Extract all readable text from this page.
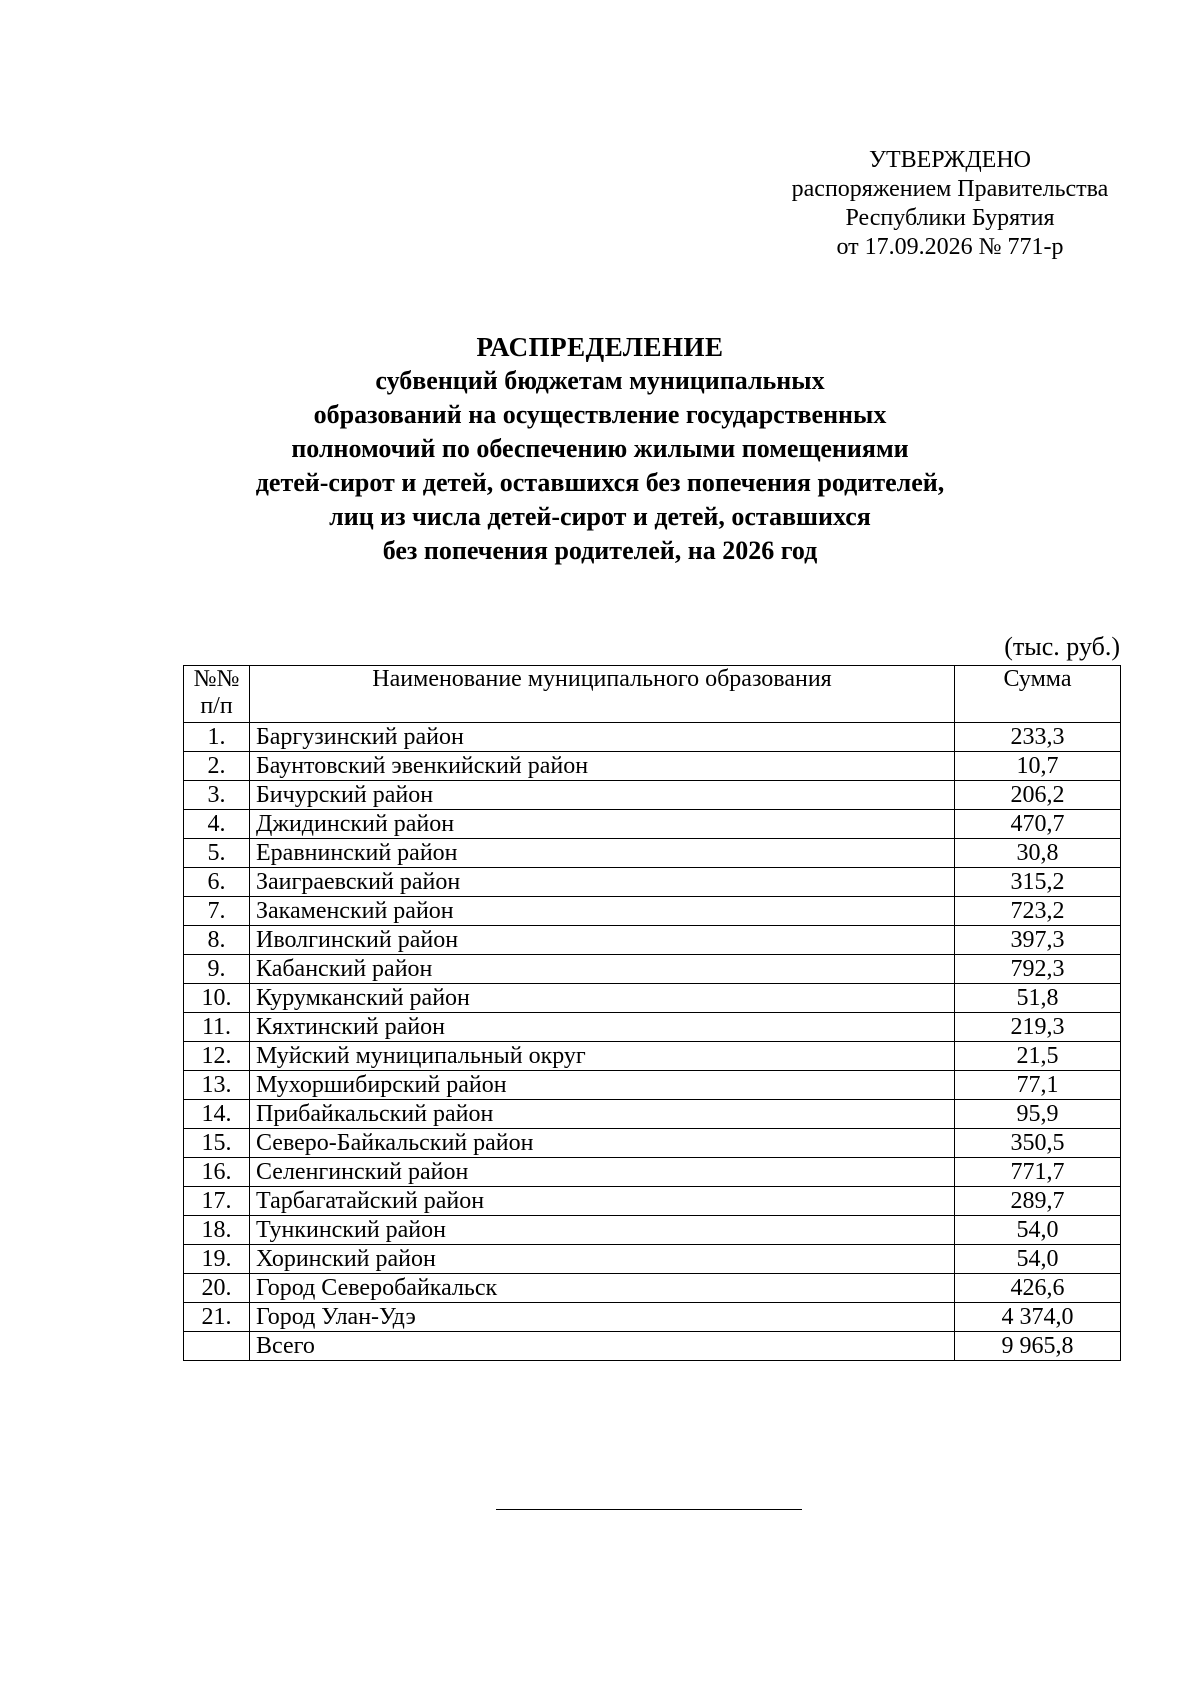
УТВЕРЖДЕНО
распоряжением Правительства
Республики Бурятия
от 17.09.2026 № 771-р
РАСПРЕДЕЛЕНИЕ
субвенций бюджетам муниципальных
образований на осуществление государственных
полномочий по обеспечению жилыми помещениями
детей-сирот и детей, оставшихся без попечения родителей,
лиц из числа детей-сирот и детей, оставшихся
без попечения родителей, на 2026 год
(тыс. руб.)
№№
п/п	Наименование муниципального образования	Сумма
1.	Баргузинский район	233,3
2.	Баунтовский эвенкийский район	10,7
3.	Бичурский район	206,2
4.	Джидинский район	470,7
5.	Еравнинский район	30,8
6.	Заиграевский район	315,2
7.	Закаменский район	723,2
8.	Иволгинский район	397,3
9.	Кабанский район	792,3
10.	Курумканский район	51,8
11.	Кяхтинский район	219,3
12.	Муйский муниципальный округ	21,5
13.	Мухоршибирский район	77,1
14.	Прибайкальский район	95,9
15.	Северо-Байкальский район	350,5
16.	Селенгинский район	771,7
17.	Тарбагатайский район	289,7
18.	Тункинский район	54,0
19.	Хоринский район	54,0
20.	Город Северобайкальск	426,6
21.	Город Улан-Удэ	4 374,0
	Всего	9 965,8
